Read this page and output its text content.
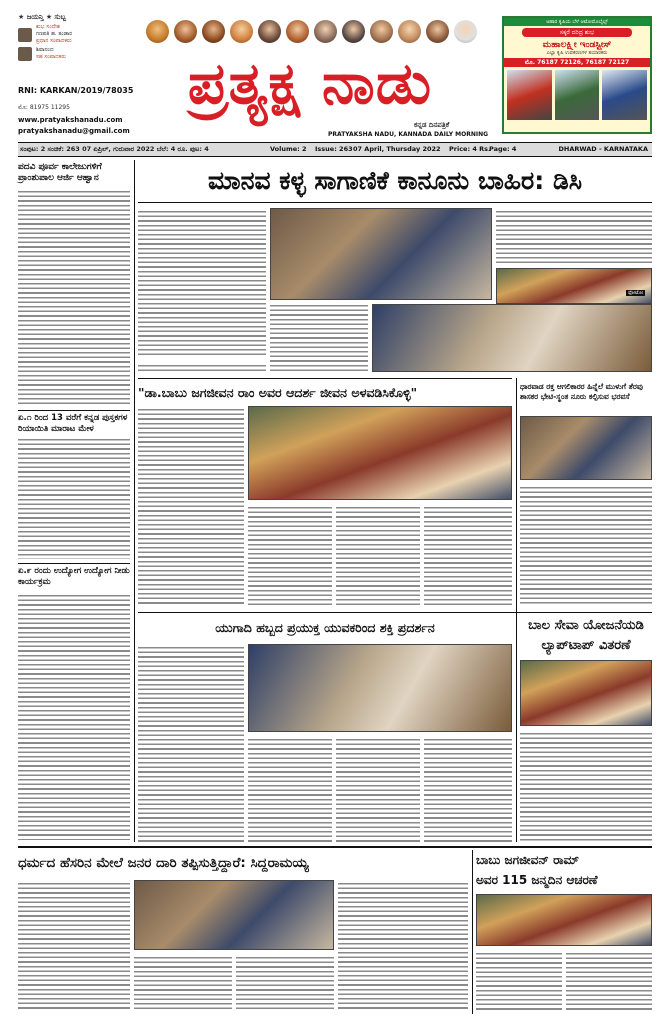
★ ಜಯನ್ತಿ ★ ಸುಬ್ಬ
ಶುಭ ಸಂದೇಶ
ಗಣಪತಿ ಹ. ತಂಡಾರ
ಪ್ರಧಾನ ಸಂಪಾದಕರು
ಶಿವಾನಂದ
ಸಹ ಸಂಪಾದಕರು
RNI: KARKAN/2019/78035
ಮೊ: 81975 11295
www.pratyakshanadu.com
pratyakshanadu@gmail.com
ಪ್ರತ್ಯಕ್ಷ ನಾಡು
ಕನ್ನಡ ದಿನಪತ್ರಿಕೆ
PRATYAKSHA NADU, KANNADA DAILY MORNING
ಅಹಾರ ಕೃಷಿಯ ಬೆಳೆ ಆಟೋಮೊಬೈಲ್ಸ್
ಸಕ್ಕರೆ ದರಿದ್ರ ಶುಭ
ಮಹಾಲಕ್ಷ್ಮೀ ಇಂಡಸ್ಟ್ರೀಸ್
ಎಲ್ಲಾ ಕೃಷಿ ಉಪಕರಣಗಳ ತಯಾರಕರು
ಮೊ. 76187 72126, 76187 72127
ಸಂಪುಟ: 2 ಸಂಚಿಕೆ: 263 07 ಏಪ್ರಿಲ್, ಗುರುವಾರ 2022 ಬೆಲೆ: 4 ರೂ. ಪುಟ: 4	Volume: 2 Issue: 263 07 April, Thursday 2022 Price: 4 Rs.
Page: 4	DHARWAD - KARNATAKA
ಪದವಿ ಪೂರ್ವ ಕಾಲೇಜುಗಳಿಗೆ ಪ್ರಾಂಶುಪಾಲ ಆರ್ಜಿ ಆಹ್ವಾನ
ಏ.೧ ರಿಂದ 13 ವರೆಗೆ ಕನ್ನಡ ಪುಸ್ತಕಗಳ ರಿಯಾಯಿತಿ ಮಾರಾಟ ಮೇಳ
ಏ.೯ ರಂದು ಉದ್ಯೋಗ ಉದ್ಯೋಗ ನೀಡು ಕಾರ್ಯಕ್ರಮ
ಮಾನವ ಕಳ್ಳ ಸಾಗಾಣಿಕೆ ಕಾನೂನು ಬಾಹಿರ: ಡಿಸಿ
ಫೋಟೋ
"ಡಾ.ಬಾಬು ಜಗಜೀವನ ರಾಂ ಅವರ ಆದರ್ಶ ಜೀವನ ಅಳವಡಿಸಿಕೊಳ್ಳಿ"	ಧಾರವಾಡ ರಕ್ತ ಆಗಲಿಕಾರರ ಹಿನ್ನೆಲೆ ಮುಳುಗೆ ತೆರವು ಶಾಸಕರ ಭೇಟಿ-ಸ್ಥಂತ ನೂರು ಕಲ್ಪಿಸುವ ಭರವಸೆ
ಯುಗಾದಿ ಹಬ್ಬದ ಪ್ರಯುಕ್ತ ಯುವಕರಿಂದ ಶಕ್ತಿ ಪ್ರದರ್ಶನ	ಬಾಲ ಸೇವಾ ಯೋಜನೆಯಡಿ
ಲ್ಯಾಪ್‌ಟಾಪ್ ವಿತರಣೆ
ಧರ್ಮದ ಹೆಸರಿನ ಮೇಲೆ ಜನರ ದಾರಿ ತಪ್ಪಿಸುತ್ತಿದ್ದಾರೆ: ಸಿದ್ದರಾಮಯ್ಯ	ಬಾಬು ಜಗಜೀವನ್ ರಾಮ್
ಅವರ 115 ಜನ್ಮದಿನ ಆಚರಣೆ
